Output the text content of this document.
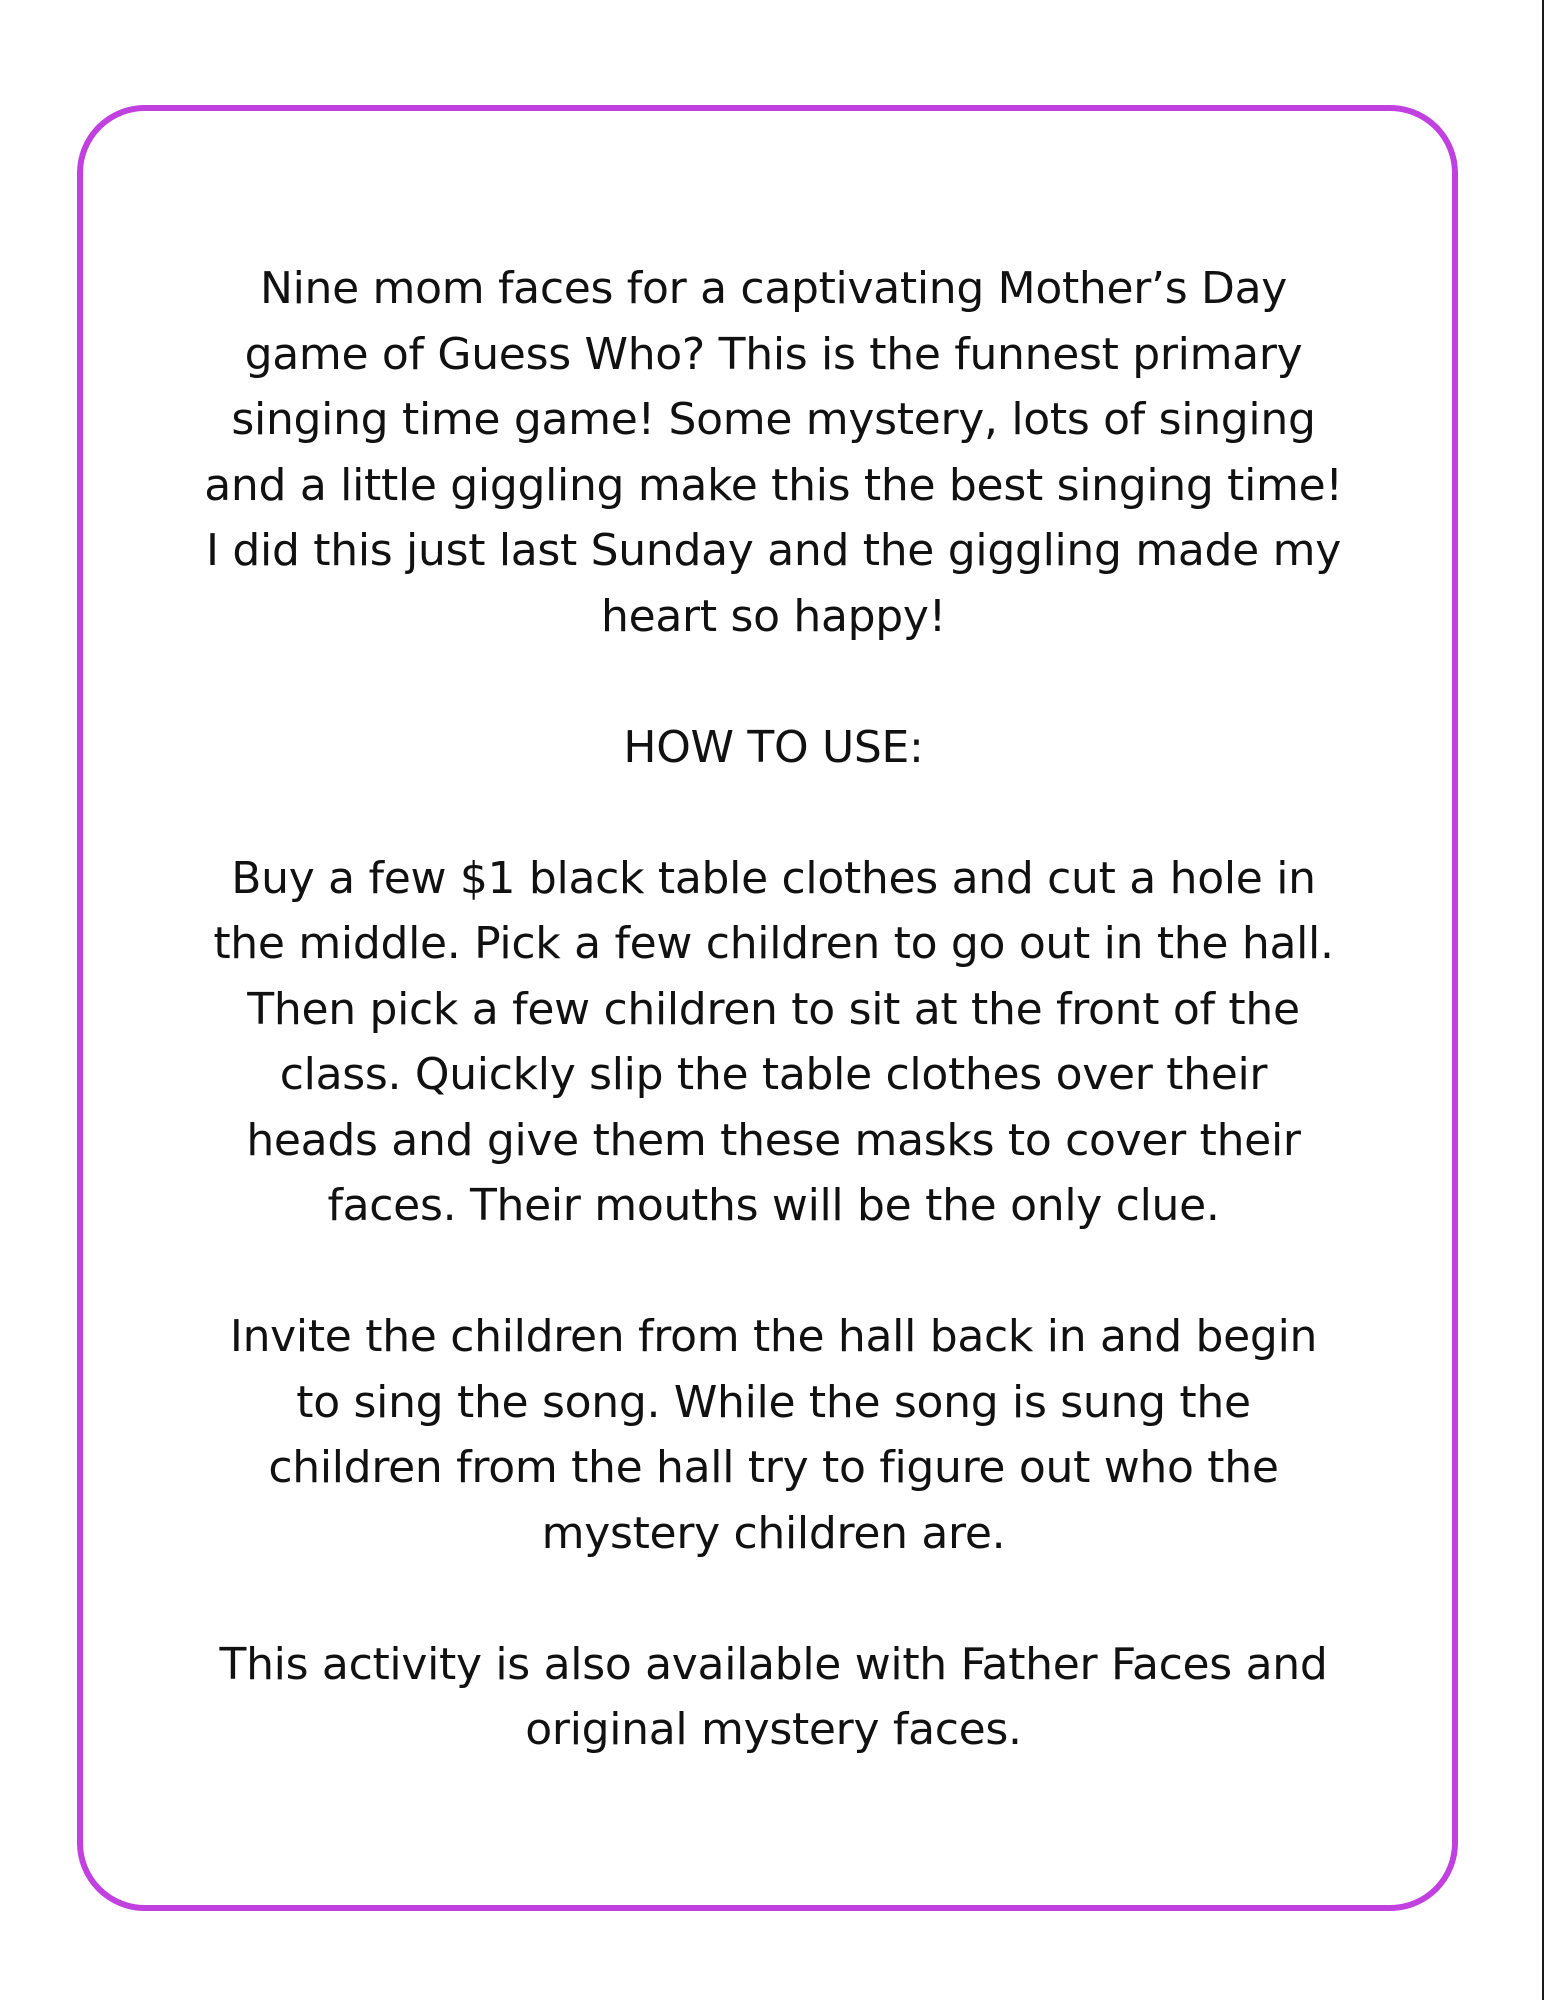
Nine mom faces for a captivating Mother’s Day
game of Guess Who? This is the funnest primary
singing time game! Some mystery, lots of singing
and a little giggling make this the best singing time!
I did this just last Sunday and the giggling made my
heart so happy!

HOW TO USE:

Buy a few $1 black table clothes and cut a hole in
the middle. Pick a few children to go out in the hall.
Then pick a few children to sit at the front of the
class. Quickly slip the table clothes over their
heads and give them these masks to cover their
faces. Their mouths will be the only clue.

Invite the children from the hall back in and begin
to sing the song. While the song is sung the
children from the hall try to figure out who the
mystery children are.

This activity is also available with Father Faces and
original mystery faces.
